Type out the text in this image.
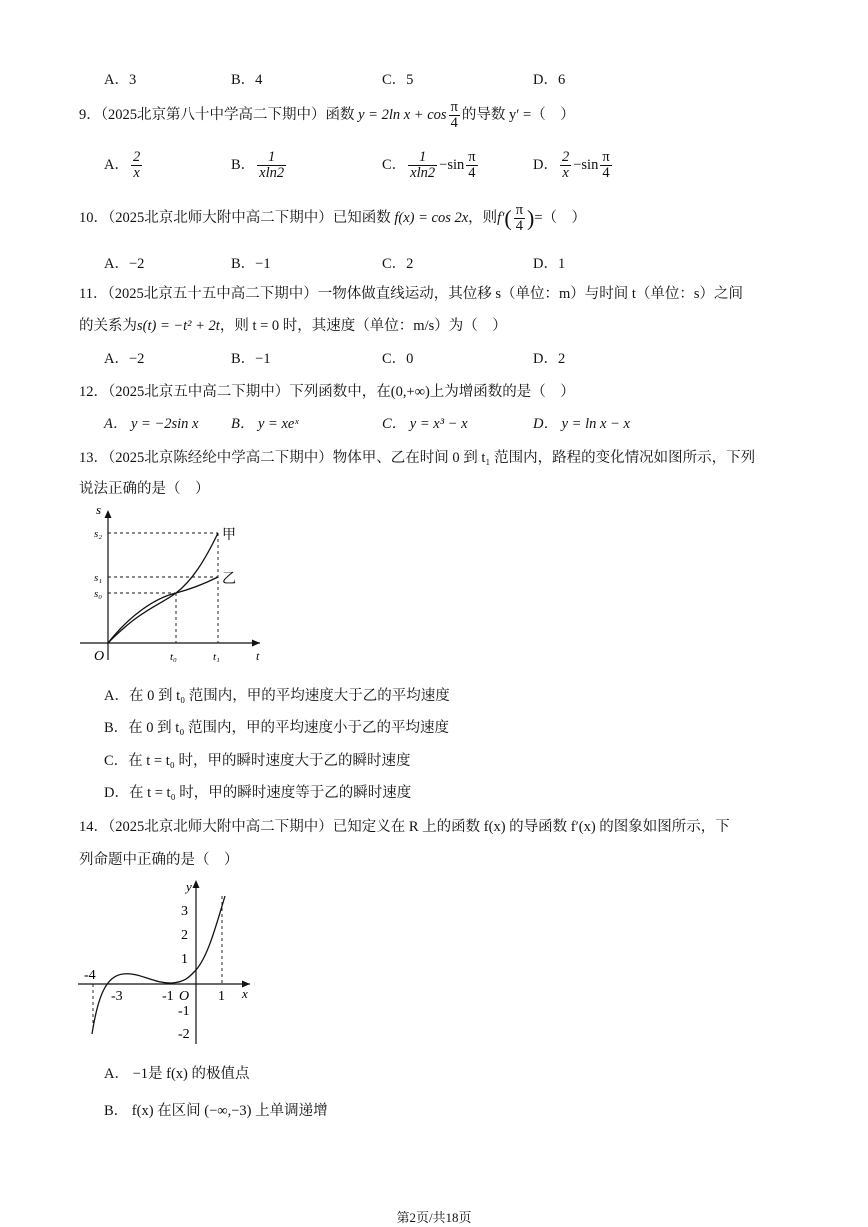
A．3	B．4	C．5	D．6
9．（2025北京第八十中学高二下期中）函数 y = 2ln $x + \cos \frac{\pi}{4}$ 的导数 y′ =（　）
A． $\frac{2}{x}$	B． $\frac{1}{xln2}$	C． $\frac{1}{xln2} -\sin \frac{\pi}{4}$	D． $\frac{2}{x} -\sin \frac{\pi}{4}$
10．（2025北京北师大附中高二下期中）已知函数 f(x) = cos 2x，则$f'( \frac{\pi}{4}$ )=（　）
A．−2	B．−1	C．2	D．1
11．（2025北京五十五中高二下期中）一物体做直线运动，其位移 s（单位：m）与时间 t（单位：s）之间
的关系为s(t) = −t² + 2t，则 t = 0 时，其速度（单位：m/s）为（　）
A．−2	B．−1	C．0	D．2
12．（2025北京五中高二下期中）下列函数中，在(0,+∞)上为增函数的是（　）
A． y = −2sin x B． y = xeˣ	C． y = x³ − x	D． y = ln x − x
13．（2025北京陈经纶中学高二下期中）物体甲、乙在时间 0 到 t₁ 范围内，路程的变化情况如图所示，下列
说法正确的是（　）
s
s₂
s₁
s₀
O	t₀	t₁	t
甲
乙
A．在 0 到 t₀ 范围内，甲的平均速度大于乙的平均速度
B．在 0 到 t₀ 范围内，甲的平均速度小于乙的平均速度
C．在 t = t₀ 时，甲的瞬时速度大于乙的瞬时速度
D．在 t = t₀ 时，甲的瞬时速度等于乙的瞬时速度
14．（2025北京北师大附中高二下期中）已知定义在 R 上的函数 f(x) 的导函数 f′(x) 的图象如图所示，下
列命题中正确的是（　）
y
3
2
1
-1
-2
-4
-3	-1 O 1 x
A． −1是 f(x) 的极值点
B． f(x) 在区间 (−∞,−3) 上单调递增
第2页/共18页
